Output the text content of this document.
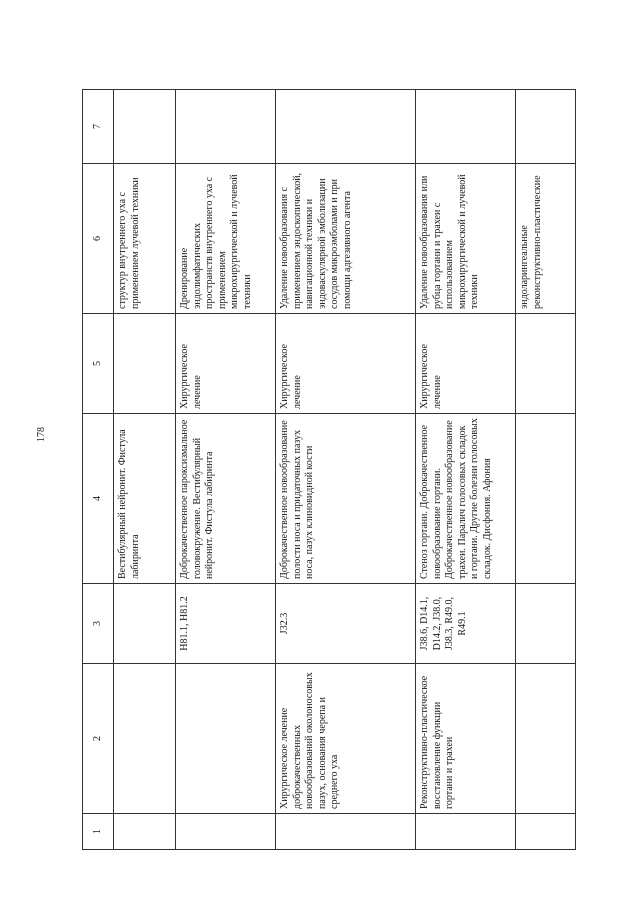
178
1	2	3	4	5	6	7
			Вестибулярный нейронит. Фистула лабиринта		структур внутреннего уха с применением лучевой техники	
		H81.1, H81.2	Доброкачественное пароксизмальное головокружение. Вестибулярный нейронит. Фистула лабиринта	Хирургическое лечение	Дренирование эндолимфатических пространств внутреннего уха с применением микрохирургической и лучевой техники	
	Хирургическое лечение доброкачественных новообразований околоносовых пазух, основания черепа и среднего уха	J32.3	Доброкачественное новообразование полости носа и придаточных пазух носа, пазух клиновидной кости	Хирургическое лечение	Удаление новообразования с применением эндоскопической, навигационной техники и эндоваскулярной эмболизации сосудов микроэмболами и при помощи адгезивного агента	
	Реконструктивно-пластическое восстановление функции гортани и трахеи	J38.6, D14.1, D14.2, J38.0, J38.3, R49.0, R49.1	Стеноз гортани. Доброкачественное новообразование гортани. Доброкачественное новообразование трахеи. Паралич голосовых складок и гортани. Другие болезни голосовых складок. Дисфония. Афония	Хирургическое лечение	Удаление новообразования или рубца гортани и трахеи с использованием микрохирургической и лучевой техники	
					эндоларингеальные реконструктивно-пластические	
